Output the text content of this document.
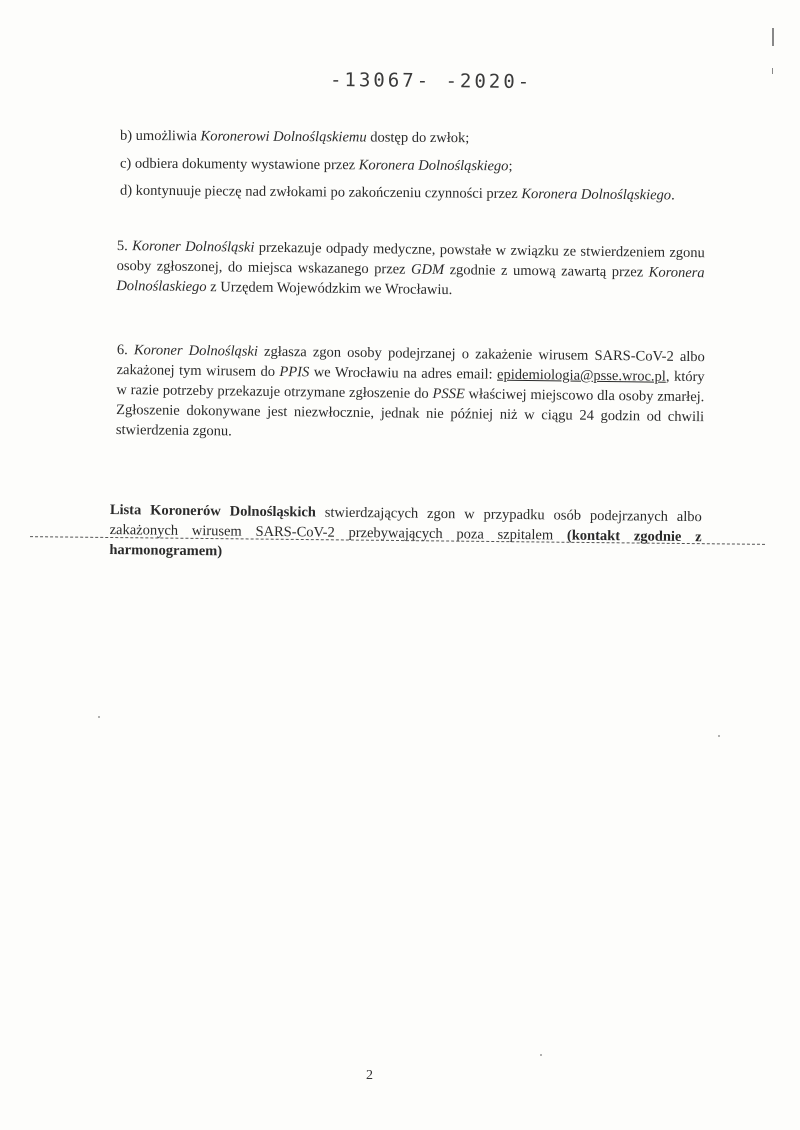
-13067- -2020-
b) umożliwia Koronerowi Dolnośląskiemu dostęp do zwłok;
c) odbiera dokumenty wystawione przez Koronera Dolnośląskiego;
d) kontynuuje pieczę nad zwłokami po zakończeniu czynności przez Koronera Dolnośląskiego.
5. Koroner Dolnośląski przekazuje odpady medyczne, powstałe w związku ze stwierdzeniem zgonu osoby zgłoszonej, do miejsca wskazanego przez GDM zgodnie z umową zawartą przez Koronera Dolnoślaskiego z Urzędem Wojewódzkim we Wrocławiu.
6. Koroner Dolnośląski zgłasza zgon osoby podejrzanej o zakażenie wirusem SARS-CoV-2 albo zakażonej tym wirusem do PPIS we Wrocławiu na adres email: epidemiologia@psse.wroc.pl, który w razie potrzeby przekazuje otrzymane zgłoszenie do PSSE właściwej miejscowo dla osoby zmarłej. Zgłoszenie dokonywane jest niezwłocznie, jednak nie później niż w ciągu 24 godzin od chwili stwierdzenia zgonu.
Lista Koronerów Dolnośląskich stwierdzających zgon w przypadku osób podejrzanych albo zakażonych wirusem SARS-CoV-2 przebywających poza szpitalem (kontakt zgodnie z harmonogramem)
2
